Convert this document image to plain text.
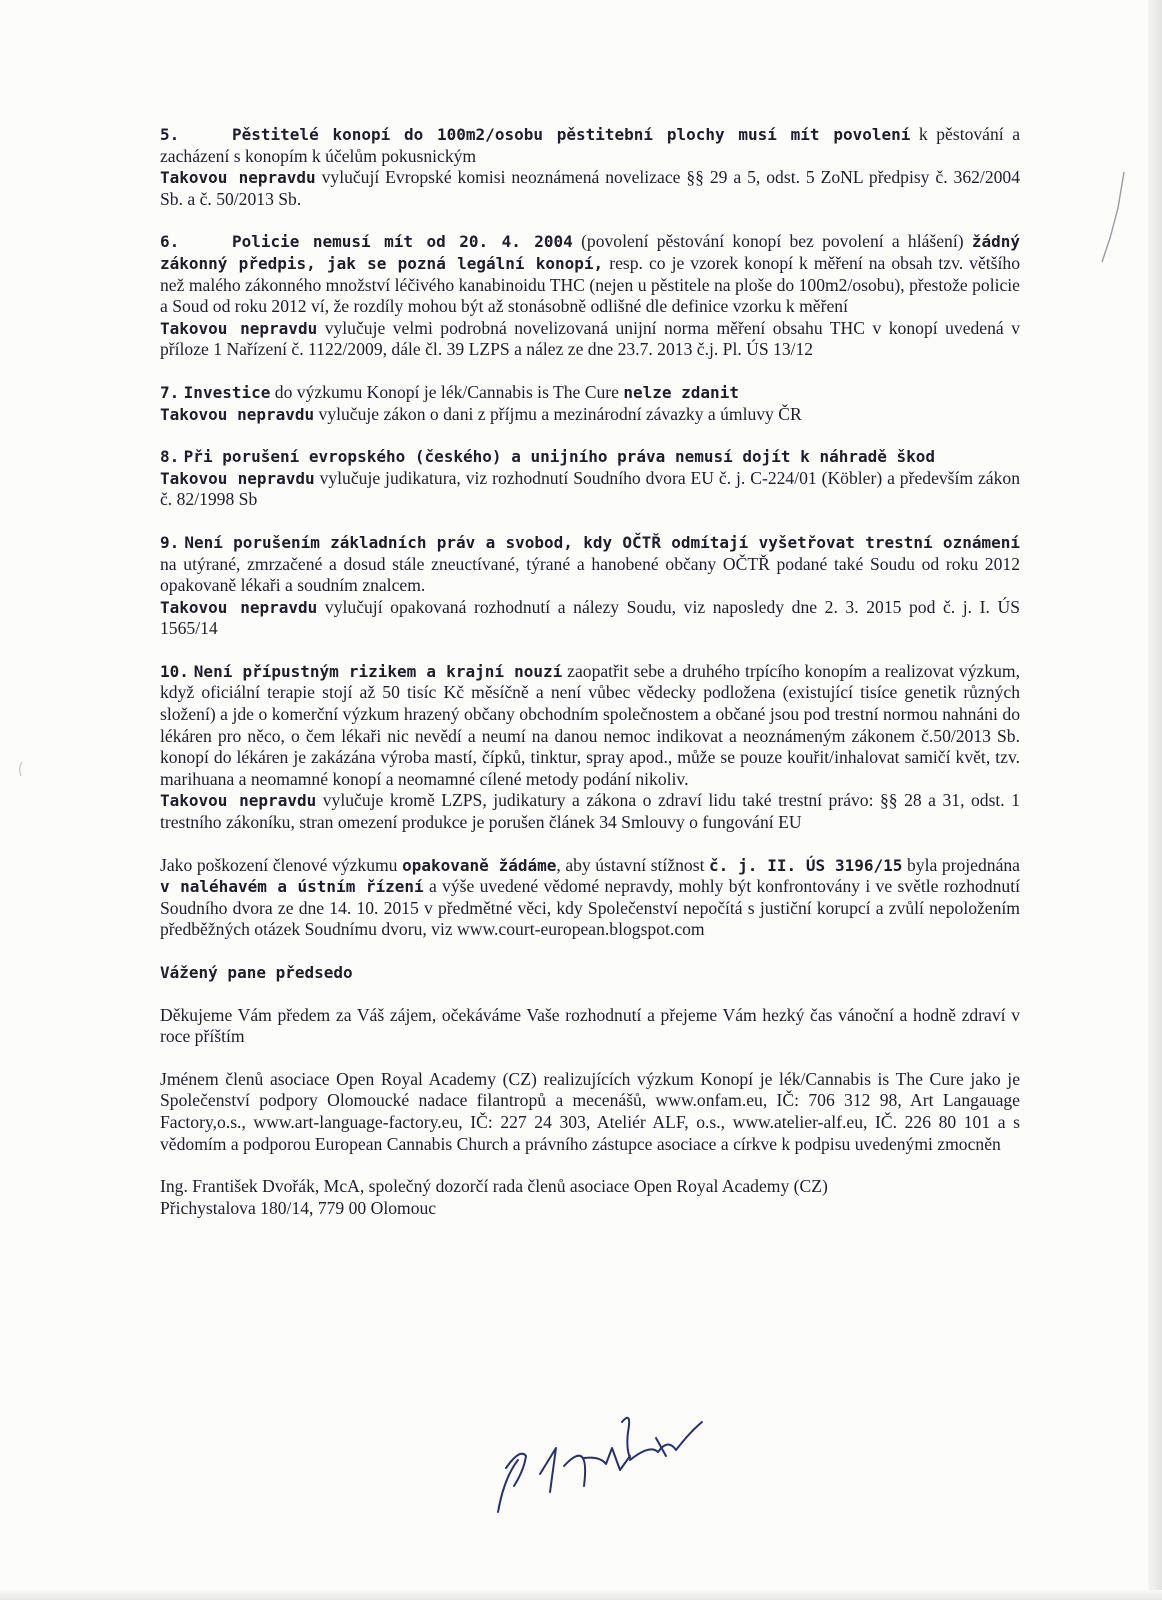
5.	Pěstitelé konopí do 100m2/osobu pěstitební plochy musí mít povolení k pěstování a zacházení s konopím k účelům pokusnickým
Takovou nepravdu vylučují Evropské komisi neoznámená novelizace §§ 29 a 5, odst. 5 ZoNL předpisy č. 362/2004 Sb. a č. 50/2013 Sb.

6.	Policie nemusí mít od 20. 4. 2004 (povolení pěstování konopí bez povolení a hlášení) žádný zákonný předpis, jak se pozná legální konopí, resp. co je vzorek konopí k měření na obsah tzv. většího než malého zákonného množství léčivého kanabinoidu THC (nejen u pěstitele na ploše do 100m2/osobu), přestože policie a Soud od roku 2012 ví, že rozdíly mohou být až stonásobně odlišné dle definice vzorku k měření
Takovou nepravdu vylučuje velmi podrobná novelizovaná unijní norma měření obsahu THC v konopí uvedená v příloze 1 Nařízení č. 1122/2009, dále čl. 39 LZPS a nález ze dne 23.7. 2013 č.j. Pl. ÚS 13/12

7. Investice do výzkumu Konopí je lék/Cannabis is The Cure nelze zdanit
Takovou nepravdu vylučuje zákon o dani z příjmu a mezinárodní závazky a úmluvy ČR

8. Při porušení evropského (českého) a unijního práva nemusí dojít k náhradě škod
Takovou nepravdu vylučuje judikatura, viz rozhodnutí Soudního dvora EU č. j. C-224/01 (Köbler) a především zákon č. 82/1998 Sb

9. Není porušením základních práv a svobod, kdy OČTŘ odmítají vyšetřovat trestní oznámení na utýrané, zmrzačené a dosud stále zneuctívané, týrané a hanobené občany OČTŘ podané také Soudu od roku 2012 opakovaně lékaři a soudním znalcem.
Takovou nepravdu vylučují opakovaná rozhodnutí a nálezy Soudu, viz naposledy dne 2. 3. 2015 pod č. j. I. ÚS 1565/14

10. Není přípustným rizikem a krajní nouzí zaopatřit sebe a druhého trpícího konopím a realizovat výzkum, když oficiální terapie stojí až 50 tisíc Kč měsíčně a není vůbec vědecky podložena (existující tisíce genetik různých složení) a jde o komerční výzkum hrazený občany obchodním společnostem a občané jsou pod trestní normou nahnáni do lékáren pro něco, o čem lékaři nic nevědí a neumí na danou nemoc indikovat a neoznámeným zákonem č.50/2013 Sb. konopí do lékáren je zakázána výroba mastí, čípků, tinktur, spray apod., může se pouze kouřit/inhalovat samičí květ, tzv. marihuana a neomamné konopí a neomamné cílené metody podání nikoliv.
Takovou nepravdu vylučuje kromě LZPS, judikatury a zákona o zdraví lidu také trestní právo: §§ 28 a 31, odst. 1 trestního zákoníku, stran omezení produkce je porušen článek 34 Smlouvy o fungování EU

Jako poškození členové výzkumu opakovaně žádáme, aby ústavní stížnost č. j. II. ÚS 3196/15 byla projednána v naléhavém a ústním řízení a výše uvedené vědomé nepravdy, mohly být konfrontovány i ve světle rozhodnutí Soudního dvora ze dne 14. 10. 2015 v předmětné věci, kdy Společenství nepočítá s justiční korupcí a zvůlí nepoložením předběžných otázek Soudnímu dvoru, viz www.court-european.blogspot.com

Vážený pane předsedo

Děkujeme Vám předem za Váš zájem, očekáváme Vaše rozhodnutí a přejeme Vám hezký čas vánoční a hodně zdraví v roce příštím

Jménem členů asociace Open Royal Academy (CZ) realizujících výzkum Konopí je lék/Cannabis is The Cure jako je Společenství podpory Olomoucké nadace filantropů a mecenášů, www.onfam.eu, IČ: 706 312 98, Art Langauage Factory,o.s., www.art-language-factory.eu, IČ: 227 24 303, Ateliér ALF, o.s., www.atelier-alf.eu, IČ. 226 80 101 a s vědomím a podporou European Cannabis Church a právního zástupce asociace a církve k podpisu uvedenými zmocněn

Ing. František Dvořák, McA, společný dozorčí rada členů asociace Open Royal Academy (CZ)
Přichystalova 180/14, 779 00 Olomouc
